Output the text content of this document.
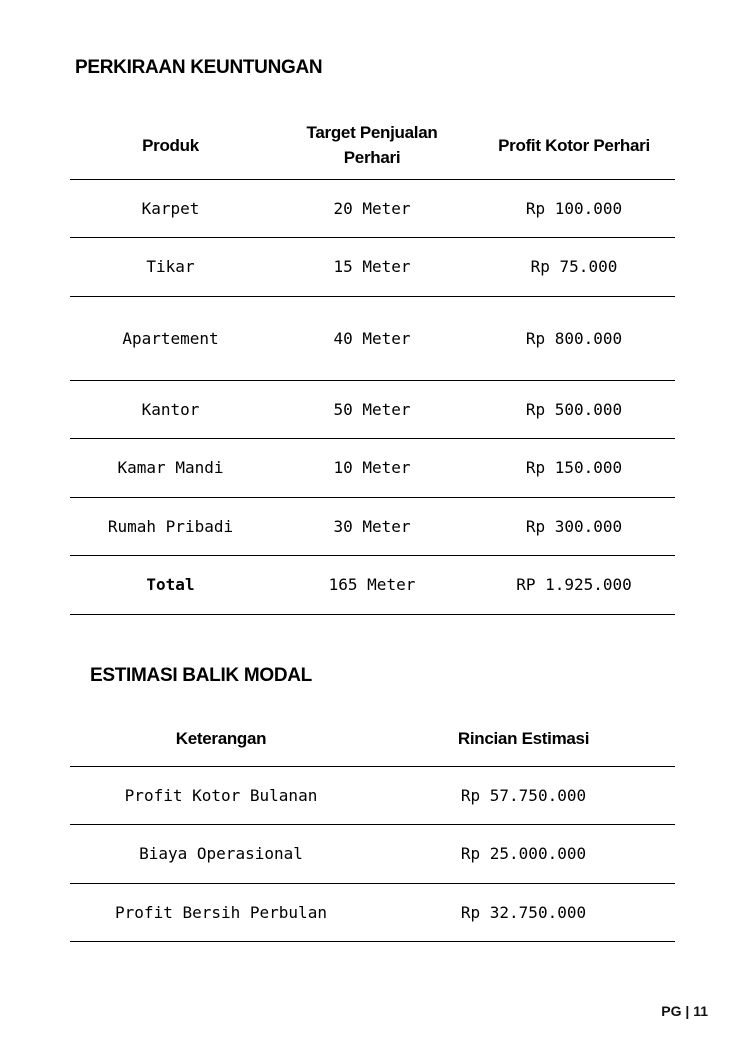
PERKIRAAN KEUNTUNGAN
Produk	Target Penjualan Perhari	Profit Kotor Perhari
Karpet	20 Meter	Rp 100.000
Tikar	15 Meter	Rp 75.000
Apartement	40 Meter	Rp 800.000
Kantor	50 Meter	Rp 500.000
Kamar Mandi	10 Meter	Rp 150.000
Rumah Pribadi	30 Meter	Rp 300.000
Total	165 Meter	RP 1.925.000
ESTIMASI BALIK MODAL
Keterangan	Rincian Estimasi
Profit Kotor Bulanan	Rp 57.750.000
Biaya Operasional	Rp 25.000.000
Profit Bersih Perbulan	Rp 32.750.000
PG | 11
